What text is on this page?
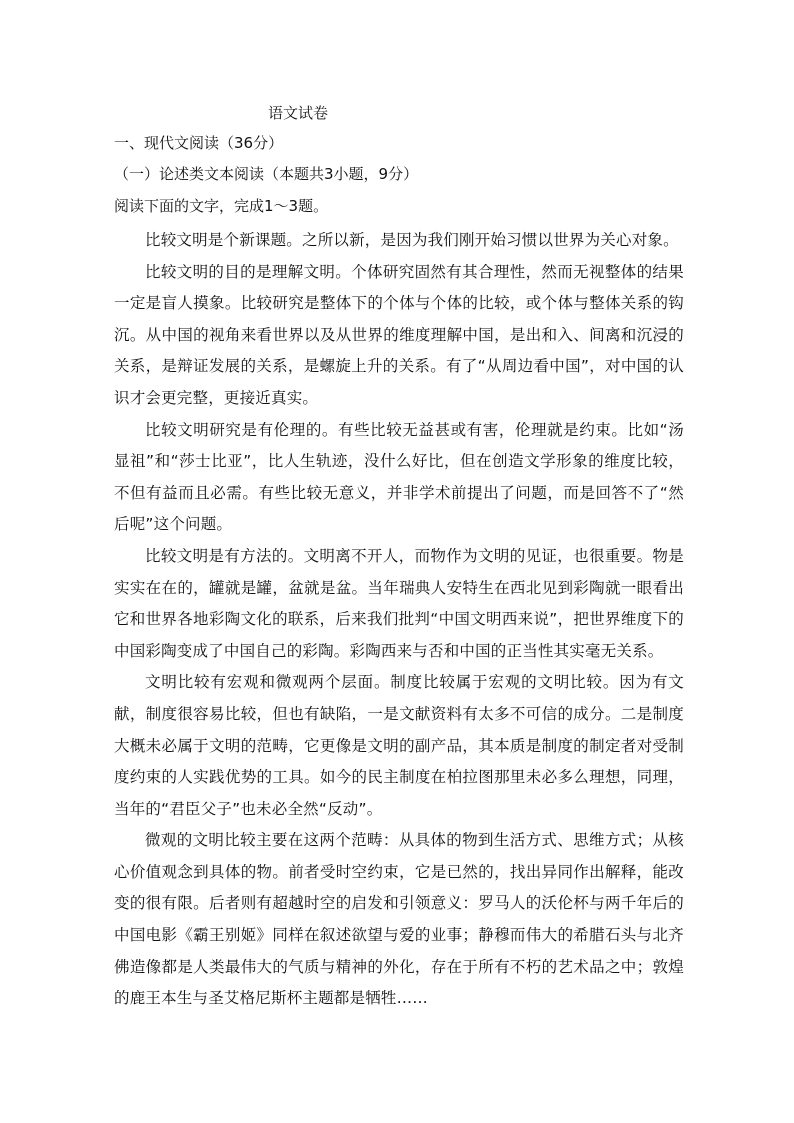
语文试卷

一、现代文阅读（36分）

（一）论述类文本阅读（本题共3小题，9分）

阅读下面的文字，完成1～3题。

比较文明是个新课题。之所以新，是因为我们刚开始习惯以世界为关心对象。

比较文明的目的是理解文明。个体研究固然有其合理性，然而无视整体的结果一定是盲人摸象。比较研究是整体下的个体与个体的比较，或个体与整体关系的钩沉。从中国的视角来看世界以及从世界的维度理解中国，是出和入、间离和沉浸的关系，是辩证发展的关系，是螺旋上升的关系。有了“从周边看中国”，对中国的认识才会更完整，更接近真实。

比较文明研究是有伦理的。有些比较无益甚或有害，伦理就是约束。比如“汤显祖”和“莎士比亚”，比人生轨迹，没什么好比，但在创造文学形象的维度比较，不但有益而且必需。有些比较无意义，并非学术前提出了问题，而是回答不了“然后呢”这个问题。

比较文明是有方法的。文明离不开人，而物作为文明的见证，也很重要。物是实实在在的，罐就是罐，盆就是盆。当年瑞典人安特生在西北见到彩陶就一眼看出它和世界各地彩陶文化的联系，后来我们批判“中国文明西来说”，把世界维度下的中国彩陶变成了中国自己的彩陶。彩陶西来与否和中国的正当性其实毫无关系。

文明比较有宏观和微观两个层面。制度比较属于宏观的文明比较。因为有文献，制度很容易比较，但也有缺陷，一是文献资料有太多不可信的成分。二是制度大概未必属于文明的范畴，它更像是文明的副产品，其本质是制度的制定者对受制度约束的人实践优势的工具。如今的民主制度在柏拉图那里未必多么理想，同理，当年的“君臣父子”也未必全然“反动”。

微观的文明比较主要在这两个范畴：从具体的物到生活方式、思维方式；从核心价值观念到具体的物。前者受时空约束，它是已然的，找出异同作出解释，能改变的很有限。后者则有超越时空的启发和引领意义：罗马人的沃伦杯与两千年后的中国电影《霸王别姬》同样在叙述欲望与爱的业事；静穆而伟大的希腊石头与北齐佛造像都是人类最伟大的气质与精神的外化，存在于所有不朽的艺术品之中；敦煌的鹿王本生与圣艾格尼斯杯主题都是牺牲……
